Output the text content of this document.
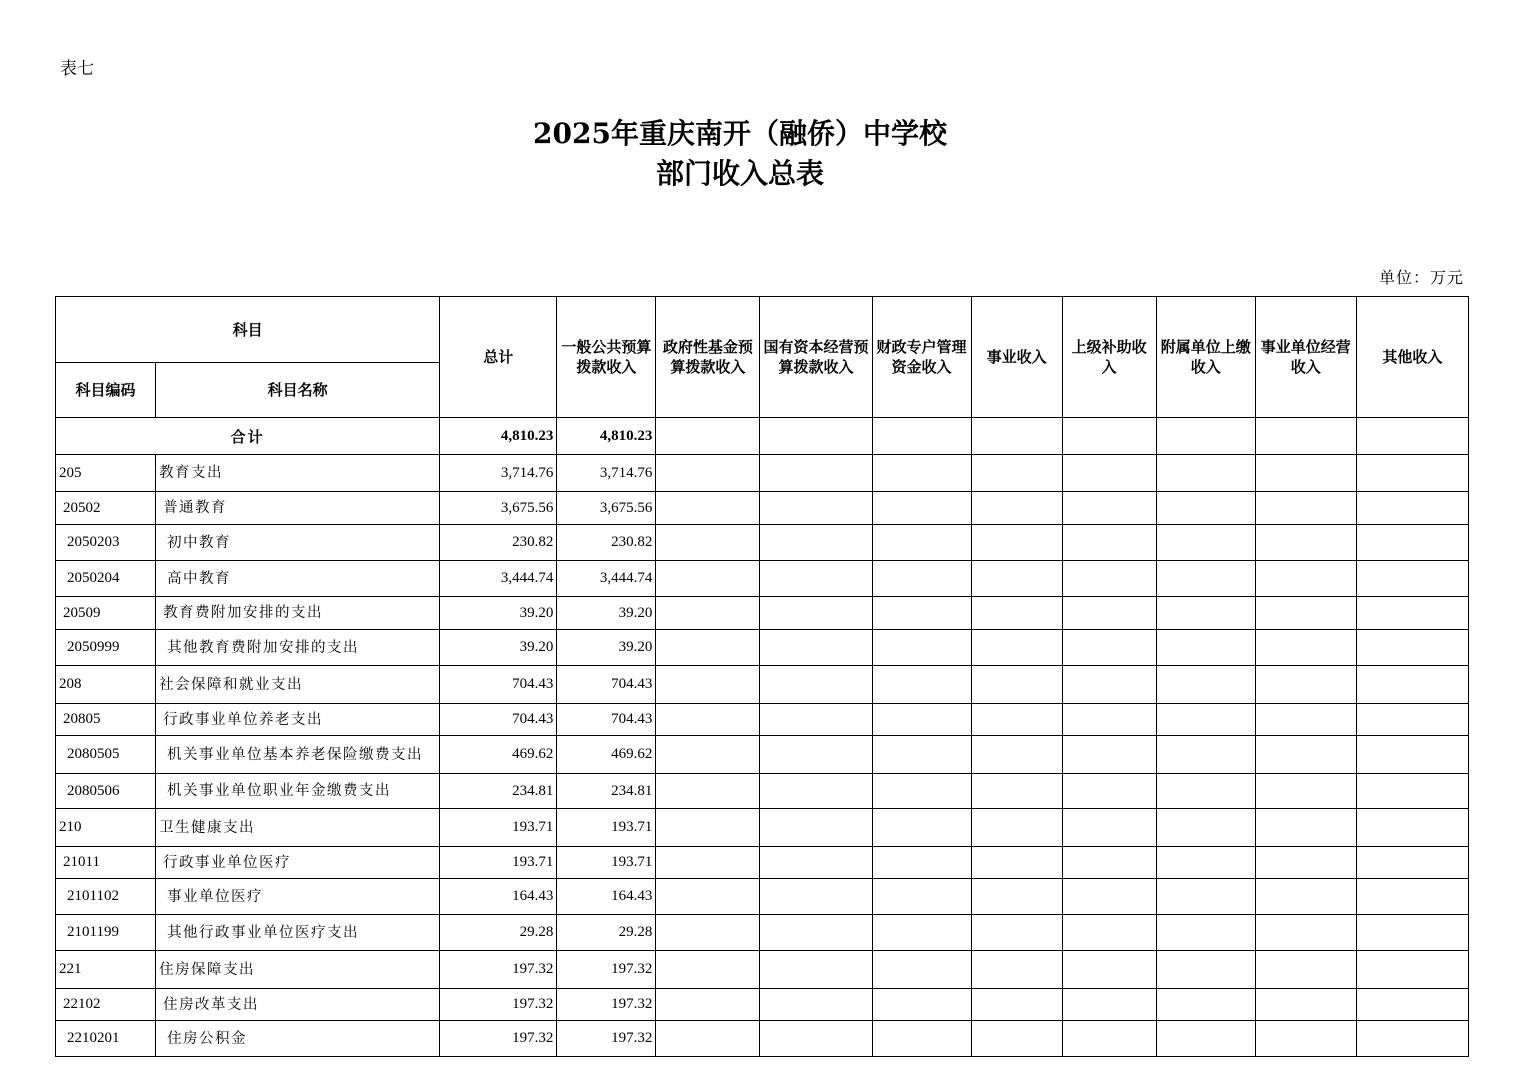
表七
2025年重庆南开（融侨）中学校
部门收入总表
单位：万元
科目		总计	一般公共预算拨款收入	政府性基金预算拨款收入	国有资本经营预算拨款收入	财政专户管理资金收入	事业收入	上级补助收入	附属单位上缴收入	事业单位经营收入	其他收入
科目编码	科目名称										
合计		4,810.23	4,810.23								
205	教育支出	3,714.76	3,714.76								
20502	普通教育	3,675.56	3,675.56								
2050203	初中教育	230.82	230.82								
2050204	高中教育	3,444.74	3,444.74								
20509	教育费附加安排的支出	39.20	39.20								
2050999	其他教育费附加安排的支出	39.20	39.20								
208	社会保障和就业支出	704.43	704.43								
20805	行政事业单位养老支出	704.43	704.43								
2080505	机关事业单位基本养老保险缴费支出	469.62	469.62								
2080506	机关事业单位职业年金缴费支出	234.81	234.81								
210	卫生健康支出	193.71	193.71								
21011	行政事业单位医疗	193.71	193.71								
2101102	事业单位医疗	164.43	164.43								
2101199	其他行政事业单位医疗支出	29.28	29.28								
221	住房保障支出	197.32	197.32								
22102	住房改革支出	197.32	197.32								
2210201	住房公积金	197.32	197.32								
